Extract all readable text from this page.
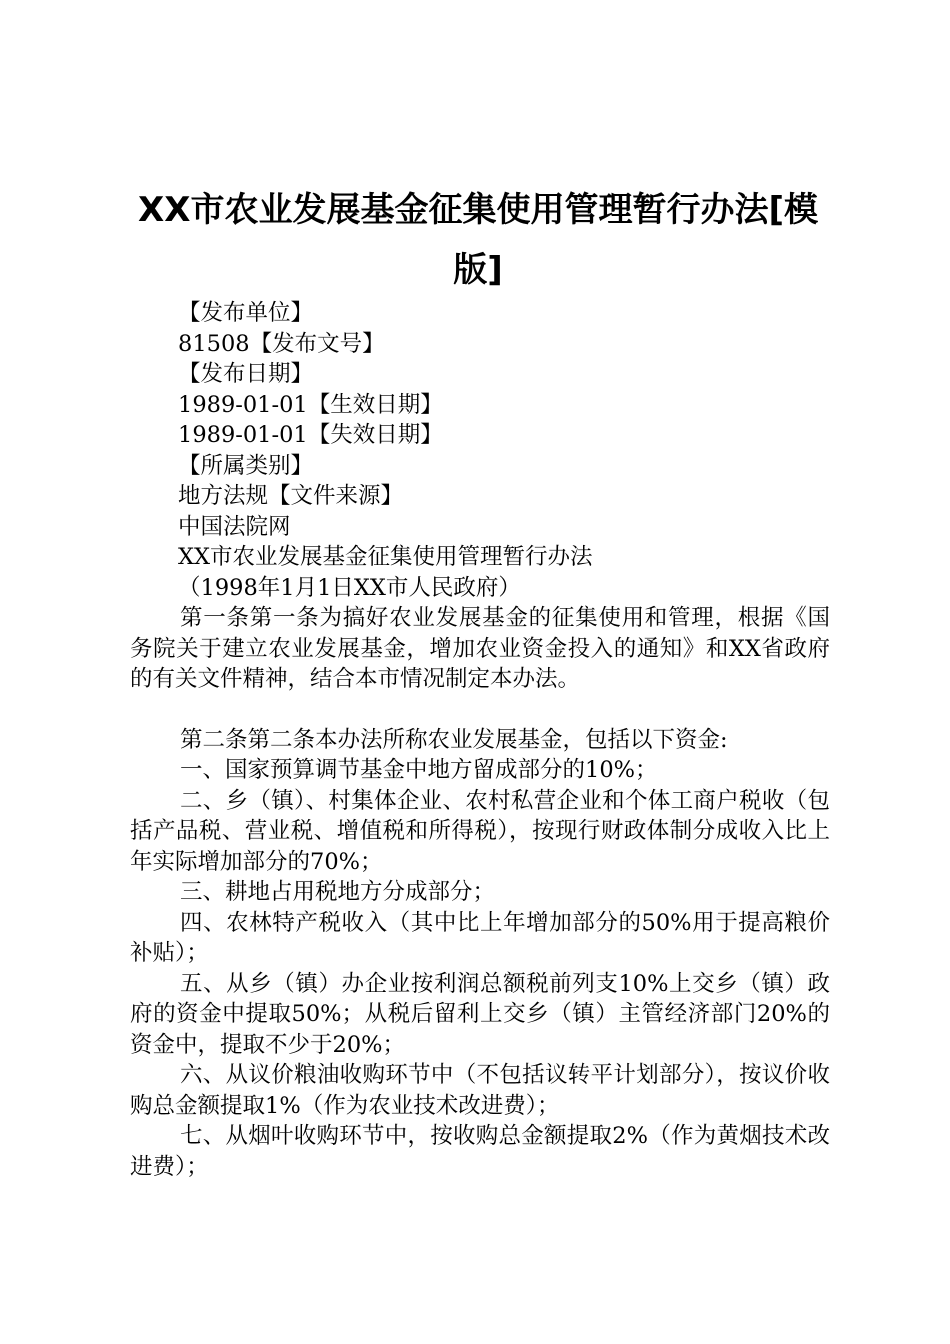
XX市农业发展基金征集使用管理暂行办法[模版]
【发布单位】
81508【发布文号】
【发布日期】
1989-01-01【生效日期】
1989-01-01【失效日期】
【所属类别】
地方法规【文件来源】
中国法院网
XX市农业发展基金征集使用管理暂行办法
（1998年1月1日XX市人民政府）
第一条第一条为搞好农业发展基金的征集使用和管理，根据《国务院关于建立农业发展基金，增加农业资金投入的通知》和XX省政府的有关文件精神，结合本市情况制定本办法。
第二条第二条本办法所称农业发展基金，包括以下资金:
一、国家预算调节基金中地方留成部分的10%；
二、乡（镇）、村集体企业、农村私营企业和个体工商户税收（包括产品税、营业税、增值税和所得税），按现行财政体制分成收入比上年实际增加部分的70%；
三、耕地占用税地方分成部分；
四、农林特产税收入（其中比上年增加部分的50%用于提高粮价补贴）；
五、从乡（镇）办企业按利润总额税前列支10%上交乡（镇）政府的资金中提取50%；从税后留利上交乡（镇）主管经济部门20%的资金中，提取不少于20%；
六、从议价粮油收购环节中（不包括议转平计划部分），按议价收购总金额提取1%（作为农业技术改进费）；
七、从烟叶收购环节中，按收购总金额提取2%（作为黄烟技术改进费）；
